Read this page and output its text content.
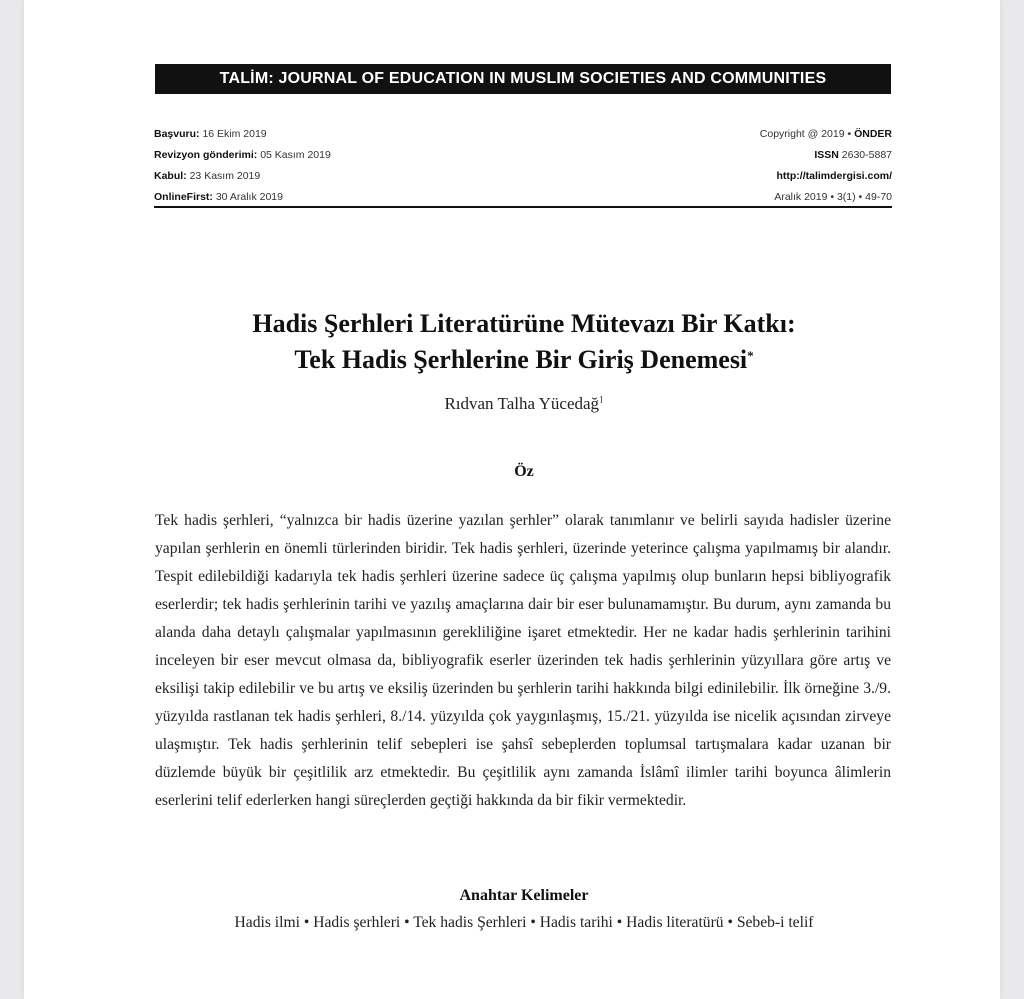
TALİM: JOURNAL OF EDUCATION IN MUSLIM SOCIETIES AND COMMUNITIES
Başvuru: 16 Ekim 2019
Revizyon gönderimi: 05 Kasım 2019
Kabul: 23 Kasım 2019
OnlineFirst: 30 Aralık 2019
Copyright @ 2019 • ÖNDER
ISSN 2630-5887
http://talimdergisi.com/
Aralık 2019 • 3(1) • 49-70
Hadis Şerhleri Literatürüne Mütevazı Bir Katkı:
Tek Hadis Şerhlerine Bir Giriş Denemesi*
Rıdvan Talha Yücedağ$^1$
Öz
Tek hadis şerhleri, “yalnızca bir hadis üzerine yazılan şerhler” olarak tanımlanır ve belirli sayıda hadisler üzerine yapılan şerhlerin en önemli türlerinden biridir. Tek hadis şerhleri, üzerinde yeterince çalışma yapılmamış bir alandır. Tespit edilebildiği kadarıyla tek hadis şerhleri üzerine sadece üç çalışma yapılmış olup bunların hepsi bibliyografik eserlerdir; tek hadis şerhlerinin tarihi ve yazılış amaçlarına dair bir eser bulunamamıştır. Bu durum, aynı zamanda bu alanda daha detaylı çalışmalar yapılmasının gerekliliğine işaret etmektedir. Her ne kadar hadis şerhlerinin tarihini inceleyen bir eser mevcut olmasa da, bibliyografik eserler üzerinden tek hadis şerhlerinin yüzyıllara göre artış ve eksilişi takip edilebilir ve bu artış ve eksiliş üzerinden bu şerhlerin tarihi hakkında bilgi edinilebilir. İlk örneğine 3./9. yüzyılda rastlanan tek hadis şerhleri, 8./14. yüzyılda çok yaygınlaşmış, 15./21. yüzyılda ise nicelik açısından zirveye ulaşmıştır. Tek hadis şerhlerinin telif sebepleri ise şahsî sebeplerden toplumsal tartışmalara kadar uzanan bir düzlemde büyük bir çeşitlilik arz etmektedir. Bu çeşitlilik aynı zamanda İslâmî ilimler tarihi boyunca âlimlerin eserlerini telif ederlerken hangi süreçlerden geçtiği hakkında da bir fikir vermektedir.
Anahtar Kelimeler
Hadis ilmi • Hadis şerhleri • Tek hadis Şerhleri • Hadis tarihi • Hadis literatürü • Sebeb-i telif
